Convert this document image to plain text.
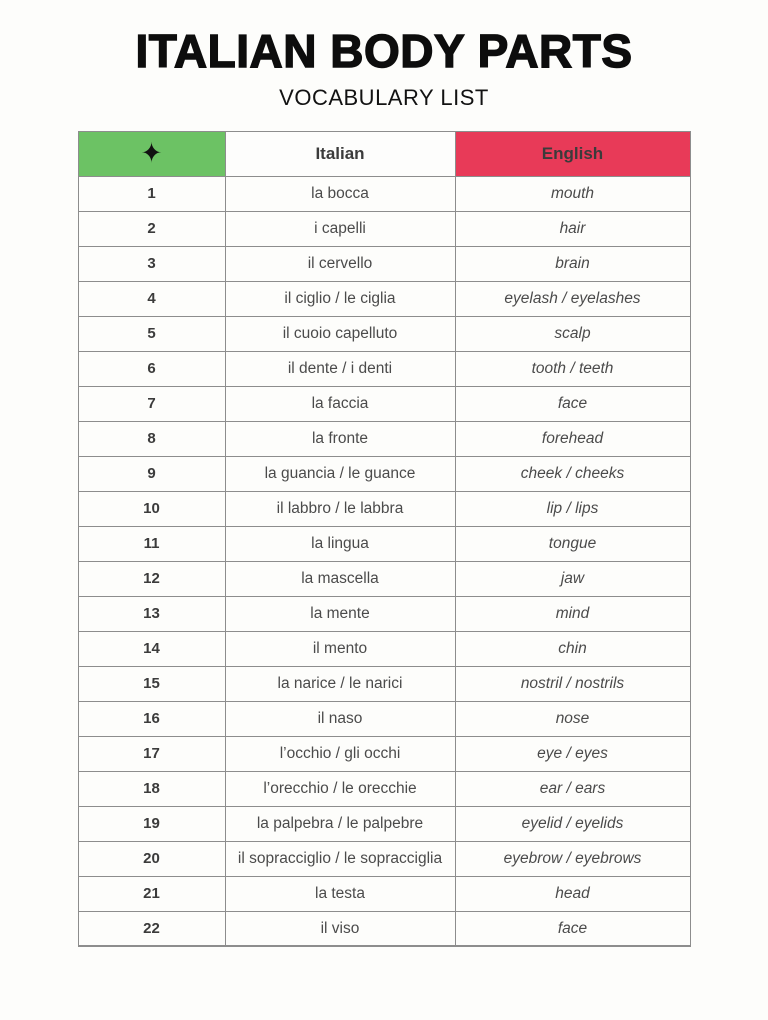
ITALIAN BODY PARTS
VOCABULARY LIST
✦	Italian	English
1	la bocca	mouth
2	i capelli	hair
3	il cervello	brain
4	il ciglio / le ciglia	eyelash / eyelashes
5	il cuoio capelluto	scalp
6	il dente / i denti	tooth / teeth
7	la faccia	face
8	la fronte	forehead
9	la guancia / le guance	cheek / cheeks
10	il labbro / le labbra	lip / lips
11	la lingua	tongue
12	la mascella	jaw
13	la mente	mind
14	il mento	chin
15	la narice / le narici	nostril / nostrils
16	il naso	nose
17	l’occhio / gli occhi	eye / eyes
18	l’orecchio / le orecchie	ear / ears
19	la palpebra / le palpebre	eyelid / eyelids
20	il sopracciglio / le sopracciglia	eyebrow / eyebrows
21	la testa	head
22	il viso	face
